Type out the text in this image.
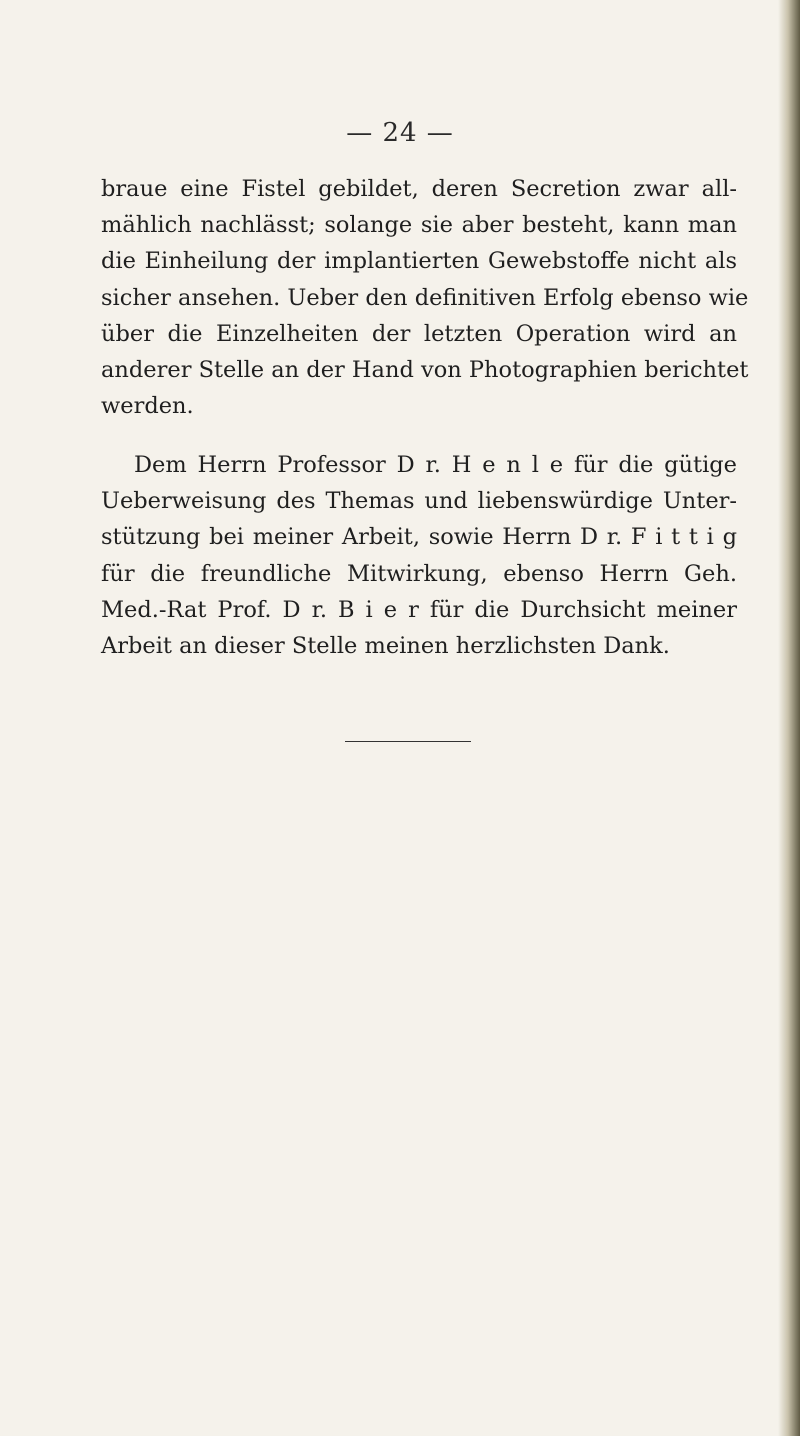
— 24 —
braue eine Fistel gebildet, deren Secretion zwar all-
mählich nachlässt; solange sie aber besteht, kann man
die Einheilung der implantierten Gewebstoffe nicht als
sicher ansehen. Ueber den definitiven Erfolg ebenso wie
über die Einzelheiten der letzten Operation wird an
anderer Stelle an der Hand von Photographien berichtet
werden.
Dem Herrn Professor D r. H e n l e für die gütige
Ueberweisung des Themas und liebenswürdige Unter-
stützung bei meiner Arbeit, sowie Herrn D r. F i t t i g
für die freundliche Mitwirkung, ebenso Herrn Geh.
Med.-Rat Prof. D r. B i e r für die Durchsicht meiner
Arbeit an dieser Stelle meinen herzlichsten Dank.
